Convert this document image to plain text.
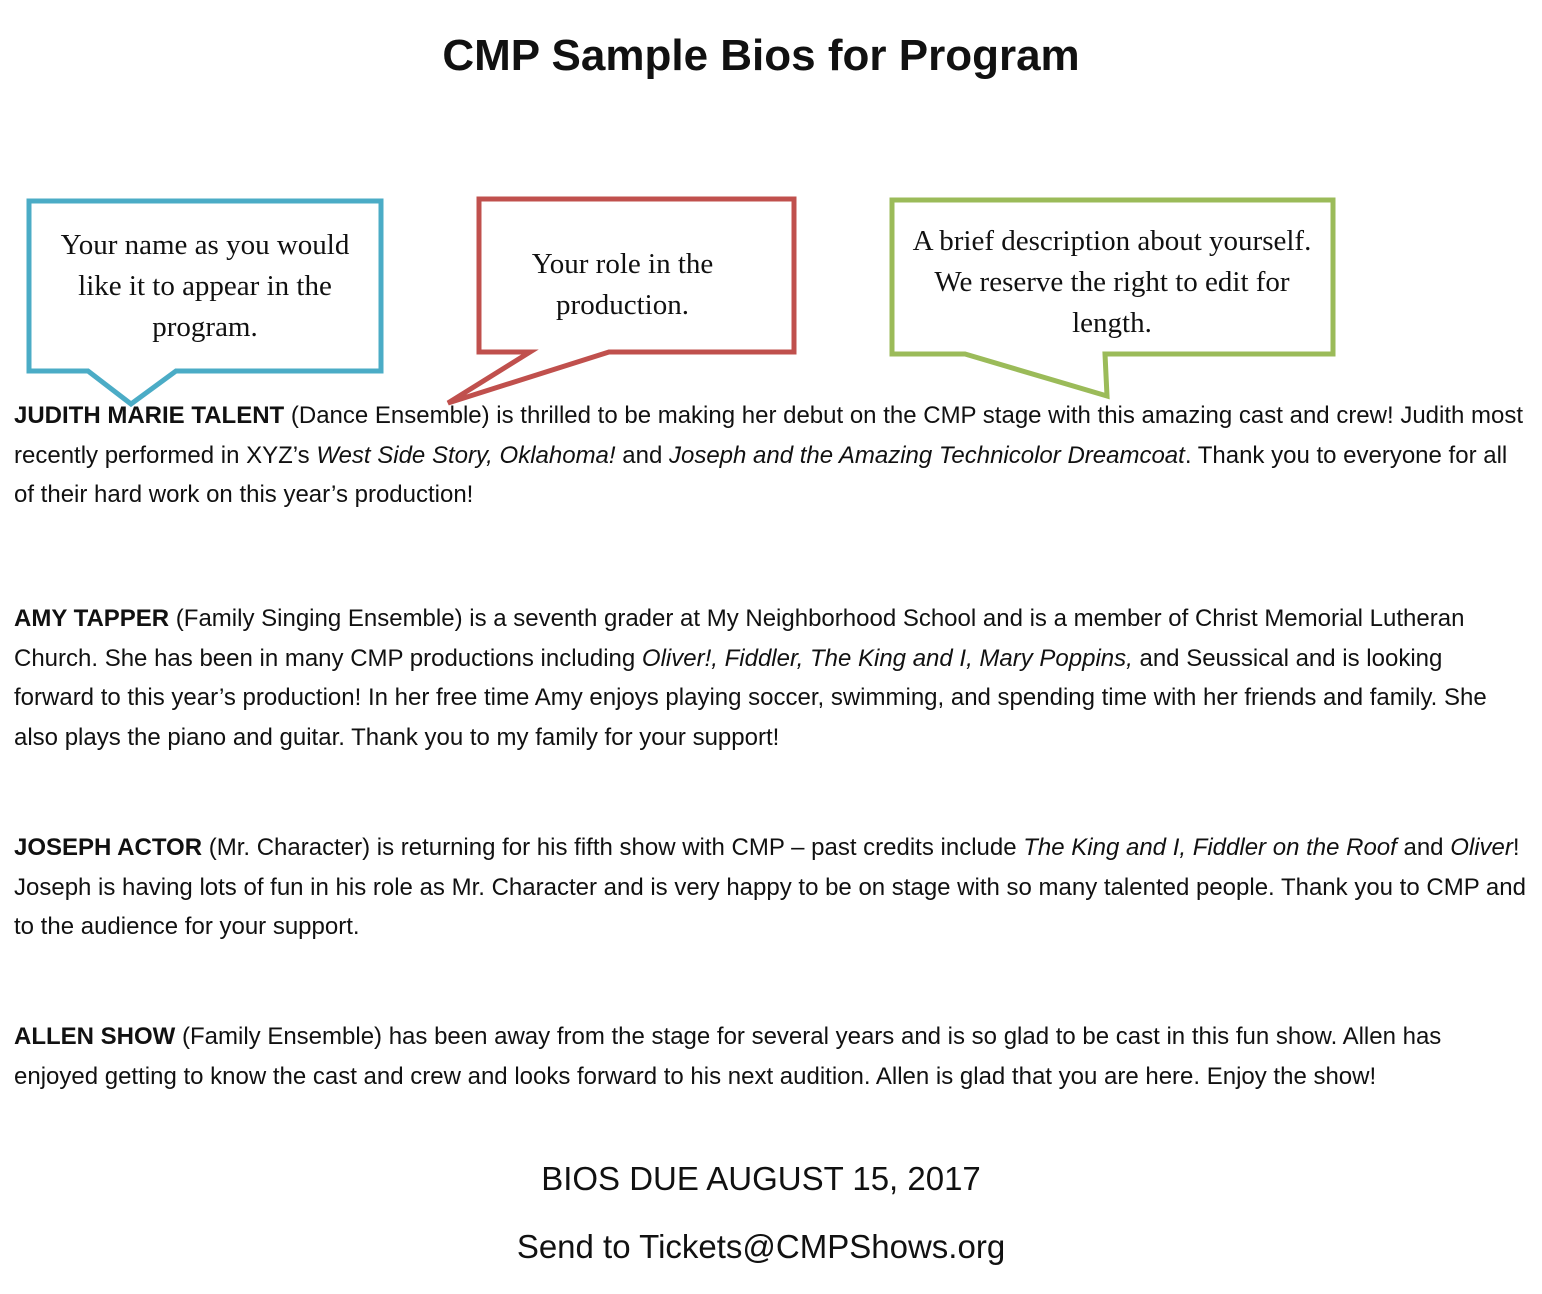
CMP Sample Bios for Program
Your name as you would like it to appear in the program.
Your role in the production.
A brief description about yourself. We reserve the right to edit for length.
JUDITH MARIE TALENT (Dance Ensemble) is thrilled to be making her debut on the CMP stage with this amazing cast and crew! Judith most recently performed in XYZ’s West Side Story, Oklahoma! and Joseph and the Amazing Technicolor Dreamcoat. Thank you to everyone for all of their hard work on this year’s production!
AMY TAPPER (Family Singing Ensemble) is a seventh grader at My Neighborhood School and is a member of Christ Memorial Lutheran Church. She has been in many CMP productions including Oliver!, Fiddler, The King and I, Mary Poppins, and Seussical and is looking forward to this year’s production! In her free time Amy enjoys playing soccer, swimming, and spending time with her friends and family. She also plays the piano and guitar. Thank you to my family for your support!
JOSEPH ACTOR (Mr. Character) is returning for his fifth show with CMP – past credits include The King and I, Fiddler on the Roof and Oliver! Joseph is having lots of fun in his role as Mr. Character and is very happy to be on stage with so many talented people. Thank you to CMP and to the audience for your support.
ALLEN SHOW (Family Ensemble) has been away from the stage for several years and is so glad to be cast in this fun show. Allen has enjoyed getting to know the cast and crew and looks forward to his next audition. Allen is glad that you are here. Enjoy the show!
BIOS DUE AUGUST 15, 2017
Send to Tickets@CMPShows.org
